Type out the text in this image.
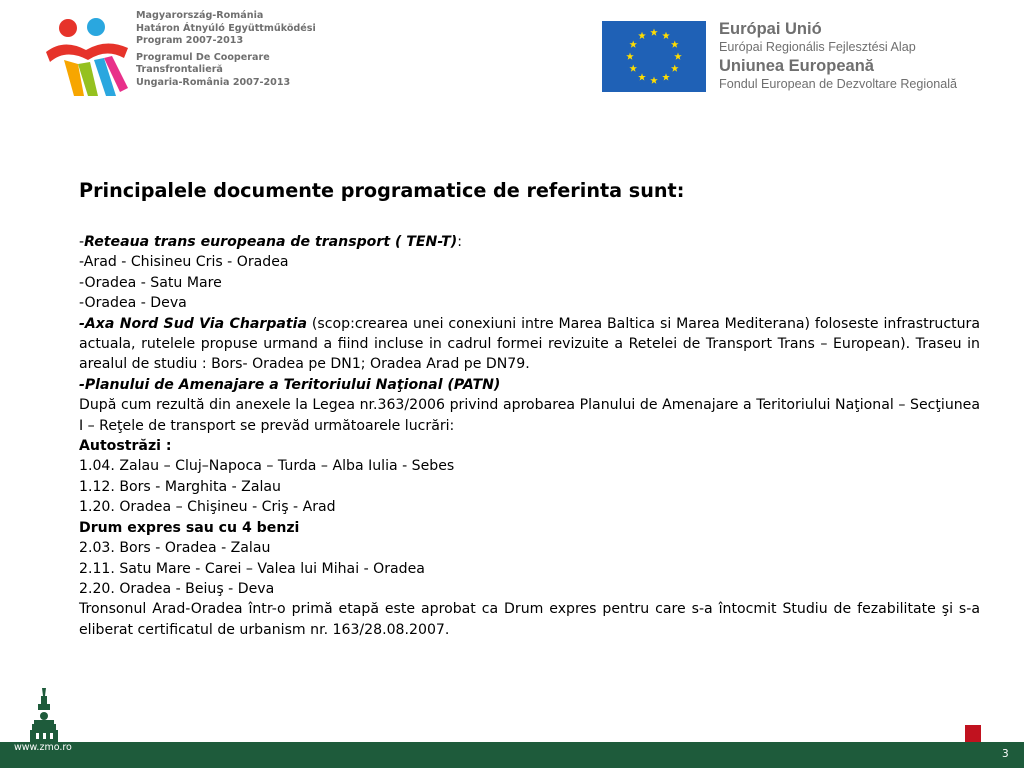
Magyarország-Románia
Határon Átnyúló Együttműködési
Program 2007-2013
Programul De Cooperare
Transfrontalieră
Ungaria-România 2007-2013
Európai Unió
Európai Regionális Fejlesztési Alap
Uniunea Europeană
Fondul European de Dezvoltare Regională
Principalele documente programatice de referinta sunt:
-Reteaua trans europeana de transport ( TEN-T):
-Arad - Chisineu Cris - Oradea
-Oradea - Satu Mare
-Oradea - Deva
-Axa Nord Sud Via Charpatia (scop:crearea unei conexiuni intre Marea Baltica si Marea Mediterana) foloseste infrastructura actuala, rutelele propuse urmand a fiind incluse in cadrul formei revizuite a Retelei de Transport Trans – European). Traseu in arealul de studiu : Bors- Oradea pe DN1; Oradea Arad pe DN79.
-Planului de Amenajare a Teritoriului Naţional (PATN)
După cum rezultă din anexele la Legea nr.363/2006 privind aprobarea Planului de Amenajare a Teritoriului Naţional – Secţiunea I – Reţele de transport se prevăd următoarele lucrări:
Autostrăzi :
1.04. Zalau – Cluj–Napoca – Turda – Alba Iulia - Sebes
1.12. Bors - Marghita - Zalau
1.20. Oradea – Chişineu - Criş - Arad
Drum expres sau cu 4 benzi
2.03. Bors - Oradea - Zalau
2.11. Satu Mare - Carei – Valea lui Mihai - Oradea
2.20. Oradea - Beiuş - Deva
Tronsonul Arad-Oradea într-o primă etapă este aprobat ca Drum expres pentru care s-a întocmit Studiu de fezabilitate şi s-a eliberat certificatul de urbanism nr. 163/28.08.2007.
www.zmo.ro
3
